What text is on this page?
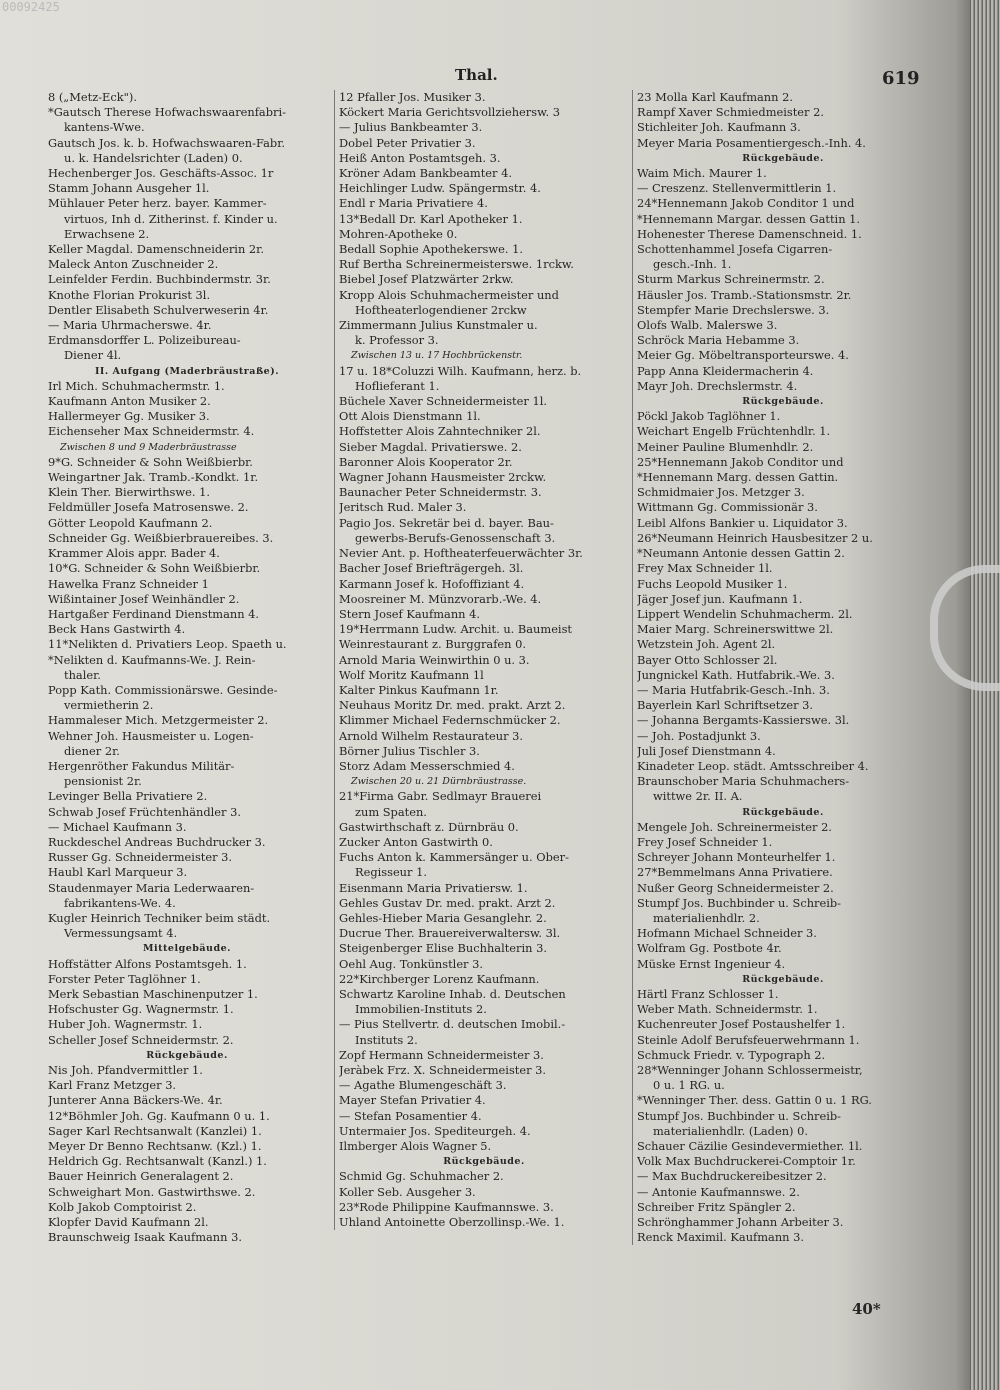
00092425
Thal.	619
8 („Metz-Eck").
*Gautsch Therese Hofwachswaarenfabri-
kantens-Wwe.
Gautsch Jos. k. b. Hofwachswaaren-Fabr.
u. k. Handelsrichter (Laden) 0.
Hechenberger Jos. Geschäfts-Assoc. 1r
Stamm Johann Ausgeher 1l.
Mühlauer Peter herz. bayer. Kammer-
virtuos, Inh d. Zitherinst. f. Kinder u.
Erwachsene 2.
Keller Magdal. Damenschneiderin 2r.
Maleck Anton Zuschneider 2.
Leinfelder Ferdin. Buchbindermstr. 3r.
Knothe Florian Prokurist 3l.
Dentler Elisabeth Schulverweserin 4r.
— Maria Uhrmacherswe. 4r.
Erdmansdorffer L. Polizeibureau-
Diener 4l.
II. Aufgang (Maderbräustraße).
Irl Mich. Schuhmachermstr. 1.
Kaufmann Anton Musiker 2.
Hallermeyer Gg. Musiker 3.
Eichenseher Max Schneidermstr. 4.
Zwischen 8 und 9 Maderbräustrasse
9*G. Schneider & Sohn Weißbierbr.
Weingartner Jak. Tramb.-Kondkt. 1r.
Klein Ther. Bierwirthswe. 1.
Feldmüller Josefa Matrosenswe. 2.
Götter Leopold Kaufmann 2.
Schneider Gg. Weißbierbrauereibes. 3.
Krammer Alois appr. Bader 4.
10*G. Schneider & Sohn Weißbierbr.
Hawelka Franz Schneider 1
Wißintainer Josef Weinhändler 2.
Hartgaßer Ferdinand Dienstmann 4.
Beck Hans Gastwirth 4.
11*Nelikten d. Privatiers Leop. Spaeth u.
*Nelikten d. Kaufmanns-We. J. Rein-
thaler.
Popp Kath. Commissionärswe. Gesinde-
vermietherin 2.
Hammaleser Mich. Metzgermeister 2.
Wehner Joh. Hausmeister u. Logen-
diener 2r.
Hergenröther Fakundus Militär-
pensionist 2r.
Levinger Bella Privatiere 2.
Schwab Josef Früchtenhändler 3.
— Michael Kaufmann 3.
Ruckdeschel Andreas Buchdrucker 3.
Russer Gg. Schneidermeister 3.
Haubl Karl Marqueur 3.
Staudenmayer Maria Lederwaaren-
fabrikantens-We. 4.
Kugler Heinrich Techniker beim städt.
Vermessungsamt 4.
Mittelgebäude.
Hoffstätter Alfons Postamtsgeh. 1.
Forster Peter Taglöhner 1.
Merk Sebastian Maschinenputzer 1.
Hofschuster Gg. Wagnermstr. 1.
Huber Joh. Wagnermstr. 1.
Scheller Josef Schneidermstr. 2.
Rückgebäude.
Nis Joh. Pfandvermittler 1.
Karl Franz Metzger 3.
Junterer Anna Bäckers-We. 4r.
12*Böhmler Joh. Gg. Kaufmann 0 u. 1.
Sager Karl Rechtsanwalt (Kanzlei) 1.
Meyer Dr Benno Rechtsanw. (Kzl.) 1.
Heldrich Gg. Rechtsanwalt (Kanzl.) 1.
Bauer Heinrich Generalagent 2.
Schweighart Mon. Gastwirthswe. 2.
Kolb Jakob Comptoirist 2.
Klopfer David Kaufmann 2l.
Braunschweig Isaak Kaufmann 3.
12 Pfaller Jos. Musiker 3.
Köckert Maria Gerichtsvollziehersw. 3
— Julius Bankbeamter 3.
Dobel Peter Privatier 3.
Heiß Anton Postamtsgeh. 3.
Kröner Adam Bankbeamter 4.
Heichlinger Ludw. Spängermstr. 4.
Endl r Maria Privatiere 4.
13*Bedall Dr. Karl Apotheker 1.
Mohren-Apotheke 0.
Bedall Sophie Apothekerswe. 1.
Ruf Bertha Schreinermeisterswe. 1rckw.
Biebel Josef Platzwärter 2rkw.
Kropp Alois Schuhmachermeister und
Hoftheaterlogendiener 2rckw
Zimmermann Julius Kunstmaler u.
k. Professor 3.
Zwischen 13 u. 17 Hochbrückenstr.
17 u. 18*Coluzzi Wilh. Kaufmann, herz. b.
Hoflieferant 1.
Büchele Xaver Schneidermeister 1l.
Ott Alois Dienstmann 1l.
Hoffstetter Alois Zahntechniker 2l.
Sieber Magdal. Privatierswe. 2.
Baronner Alois Kooperator 2r.
Wagner Johann Hausmeister 2rckw.
Baunacher Peter Schneidermstr. 3.
Jeritsch Rud. Maler 3.
Pagio Jos. Sekretär bei d. bayer. Bau-
gewerbs-Berufs-Genossenschaft 3.
Nevier Ant. p. Hoftheaterfeuerwächter 3r.
Bacher Josef Briefträgergeh. 3l.
Karmann Josef k. Hofoffiziant 4.
Moosreiner M. Münzvorarb.-We. 4.
Stern Josef Kaufmann 4.
19*Herrmann Ludw. Archit. u. Baumeist
Weinrestaurant z. Burggrafen 0.
Arnold Maria Weinwirthin 0 u. 3.
Wolf Moritz Kaufmann 1l
Kalter Pinkus Kaufmann 1r.
Neuhaus Moritz Dr. med. prakt. Arzt 2.
Klimmer Michael Federnschmücker 2.
Arnold Wilhelm Restaurateur 3.
Börner Julius Tischler 3.
Storz Adam Messerschmied 4.
Zwischen 20 u. 21 Dürnbräustrasse.
21*Firma Gabr. Sedlmayr Brauerei
zum Spaten.
Gastwirthschaft z. Dürnbräu 0.
Zucker Anton Gastwirth 0.
Fuchs Anton k. Kammersänger u. Ober-
Regisseur 1.
Eisenmann Maria Privatiersw. 1.
Gehles Gustav Dr. med. prakt. Arzt 2.
Gehles-Hieber Maria Gesanglehr. 2.
Ducrue Ther. Brauereiverwaltersw. 3l.
Steigenberger Elise Buchhalterin 3.
Oehl Aug. Tonkünstler 3.
22*Kirchberger Lorenz Kaufmann.
Schwartz Karoline Inhab. d. Deutschen
Immobilien-Instituts 2.
— Pius Stellvertr. d. deutschen Imobil.-
Instituts 2.
Zopf Hermann Schneidermeister 3.
Jeràbek Frz. X. Schneidermeister 3.
— Agathe Blumengeschäft 3.
Mayer Stefan Privatier 4.
— Stefan Posamentier 4.
Untermaier Jos. Spediteurgeh. 4.
Ilmberger Alois Wagner 5.
Rückgebäude.
Schmid Gg. Schuhmacher 2.
Koller Seb. Ausgeher 3.
23*Rode Philippine Kaufmannswe. 3.
Uhland Antoinette Oberzollinsp.-We. 1.
23 Molla Karl Kaufmann 2.
Rampf Xaver Schmiedmeister 2.
Stichleiter Joh. Kaufmann 3.
Meyer Maria Posamentiergesch.-Inh. 4.
Rückgebäude.
Waim Mich. Maurer 1.
— Creszenz. Stellenvermittlerin 1.
24*Hennemann Jakob Conditor 1 und
*Hennemann Margar. dessen Gattin 1.
Hohenester Therese Damenschneid. 1.
Schottenhammel Josefa Cigarren-
gesch.-Inh. 1.
Sturm Markus Schreinermstr. 2.
Häusler Jos. Tramb.-Stationsmstr. 2r.
Stempfer Marie Drechslerswe. 3.
Olofs Walb. Malerswe 3.
Schröck Maria Hebamme 3.
Meier Gg. Möbeltransporteurswe. 4.
Papp Anna Kleidermacherin 4.
Mayr Joh. Drechslermstr. 4.
Rückgebäude.
Pöckl Jakob Taglöhner 1.
Weichart Engelb Früchtenhdlr. 1.
Meiner Pauline Blumenhdlr. 2.
25*Hennemann Jakob Conditor und
*Hennemann Marg. dessen Gattin.
Schmidmaier Jos. Metzger 3.
Wittmann Gg. Commissionär 3.
Leibl Alfons Bankier u. Liquidator 3.
26*Neumann Heinrich Hausbesitzer 2 u.
*Neumann Antonie dessen Gattin 2.
Frey Max Schneider 1l.
Fuchs Leopold Musiker 1.
Jäger Josef jun. Kaufmann 1.
Lippert Wendelin Schuhmacherm. 2l.
Maier Marg. Schreinerswittwe 2l.
Wetzstein Joh. Agent 2l.
Bayer Otto Schlosser 2l.
Jungnickel Kath. Hutfabrik.-We. 3.
— Maria Hutfabrik-Gesch.-Inh. 3.
Bayerlein Karl Schriftsetzer 3.
— Johanna Bergamts-Kassierswe. 3l.
— Joh. Postadjunkt 3.
Juli Josef Dienstmann 4.
Kinadeter Leop. städt. Amtsschreiber 4.
Braunschober Maria Schuhmachers-
wittwe 2r. II. A.
Rückgebäude.
Mengele Joh. Schreinermeister 2.
Frey Josef Schneider 1.
Schreyer Johann Monteurhelfer 1.
27*Bemmelmans Anna Privatiere.
Nußer Georg Schneidermeister 2.
Stumpf Jos. Buchbinder u. Schreib-
materialienhdlr. 2.
Hofmann Michael Schneider 3.
Wolfram Gg. Postbote 4r.
Müske Ernst Ingenieur 4.
Rückgebäude.
Härtl Franz Schlosser 1.
Weber Math. Schneidermstr. 1.
Kuchenreuter Josef Postaushelfer 1.
Steinle Adolf Berufsfeuerwehrmann 1.
Schmuck Friedr. v. Typograph 2.
28*Wenninger Johann Schlossermeistr,
0 u. 1 RG. u.
*Wenninger Ther. dess. Gattin 0 u. 1 RG.
Stumpf Jos. Buchbinder u. Schreib-
materialienhdlr. (Laden) 0.
Schauer Cäzilie Gesindevermiether. 1l.
Volk Max Buchdruckerei-Comptoir 1r.
— Max Buchdruckereibesitzer 2.
— Antonie Kaufmannswe. 2.
Schreiber Fritz Spängler 2.
Schrönghammer Johann Arbeiter 3.
Renck Maximil. Kaufmann 3.
40*
